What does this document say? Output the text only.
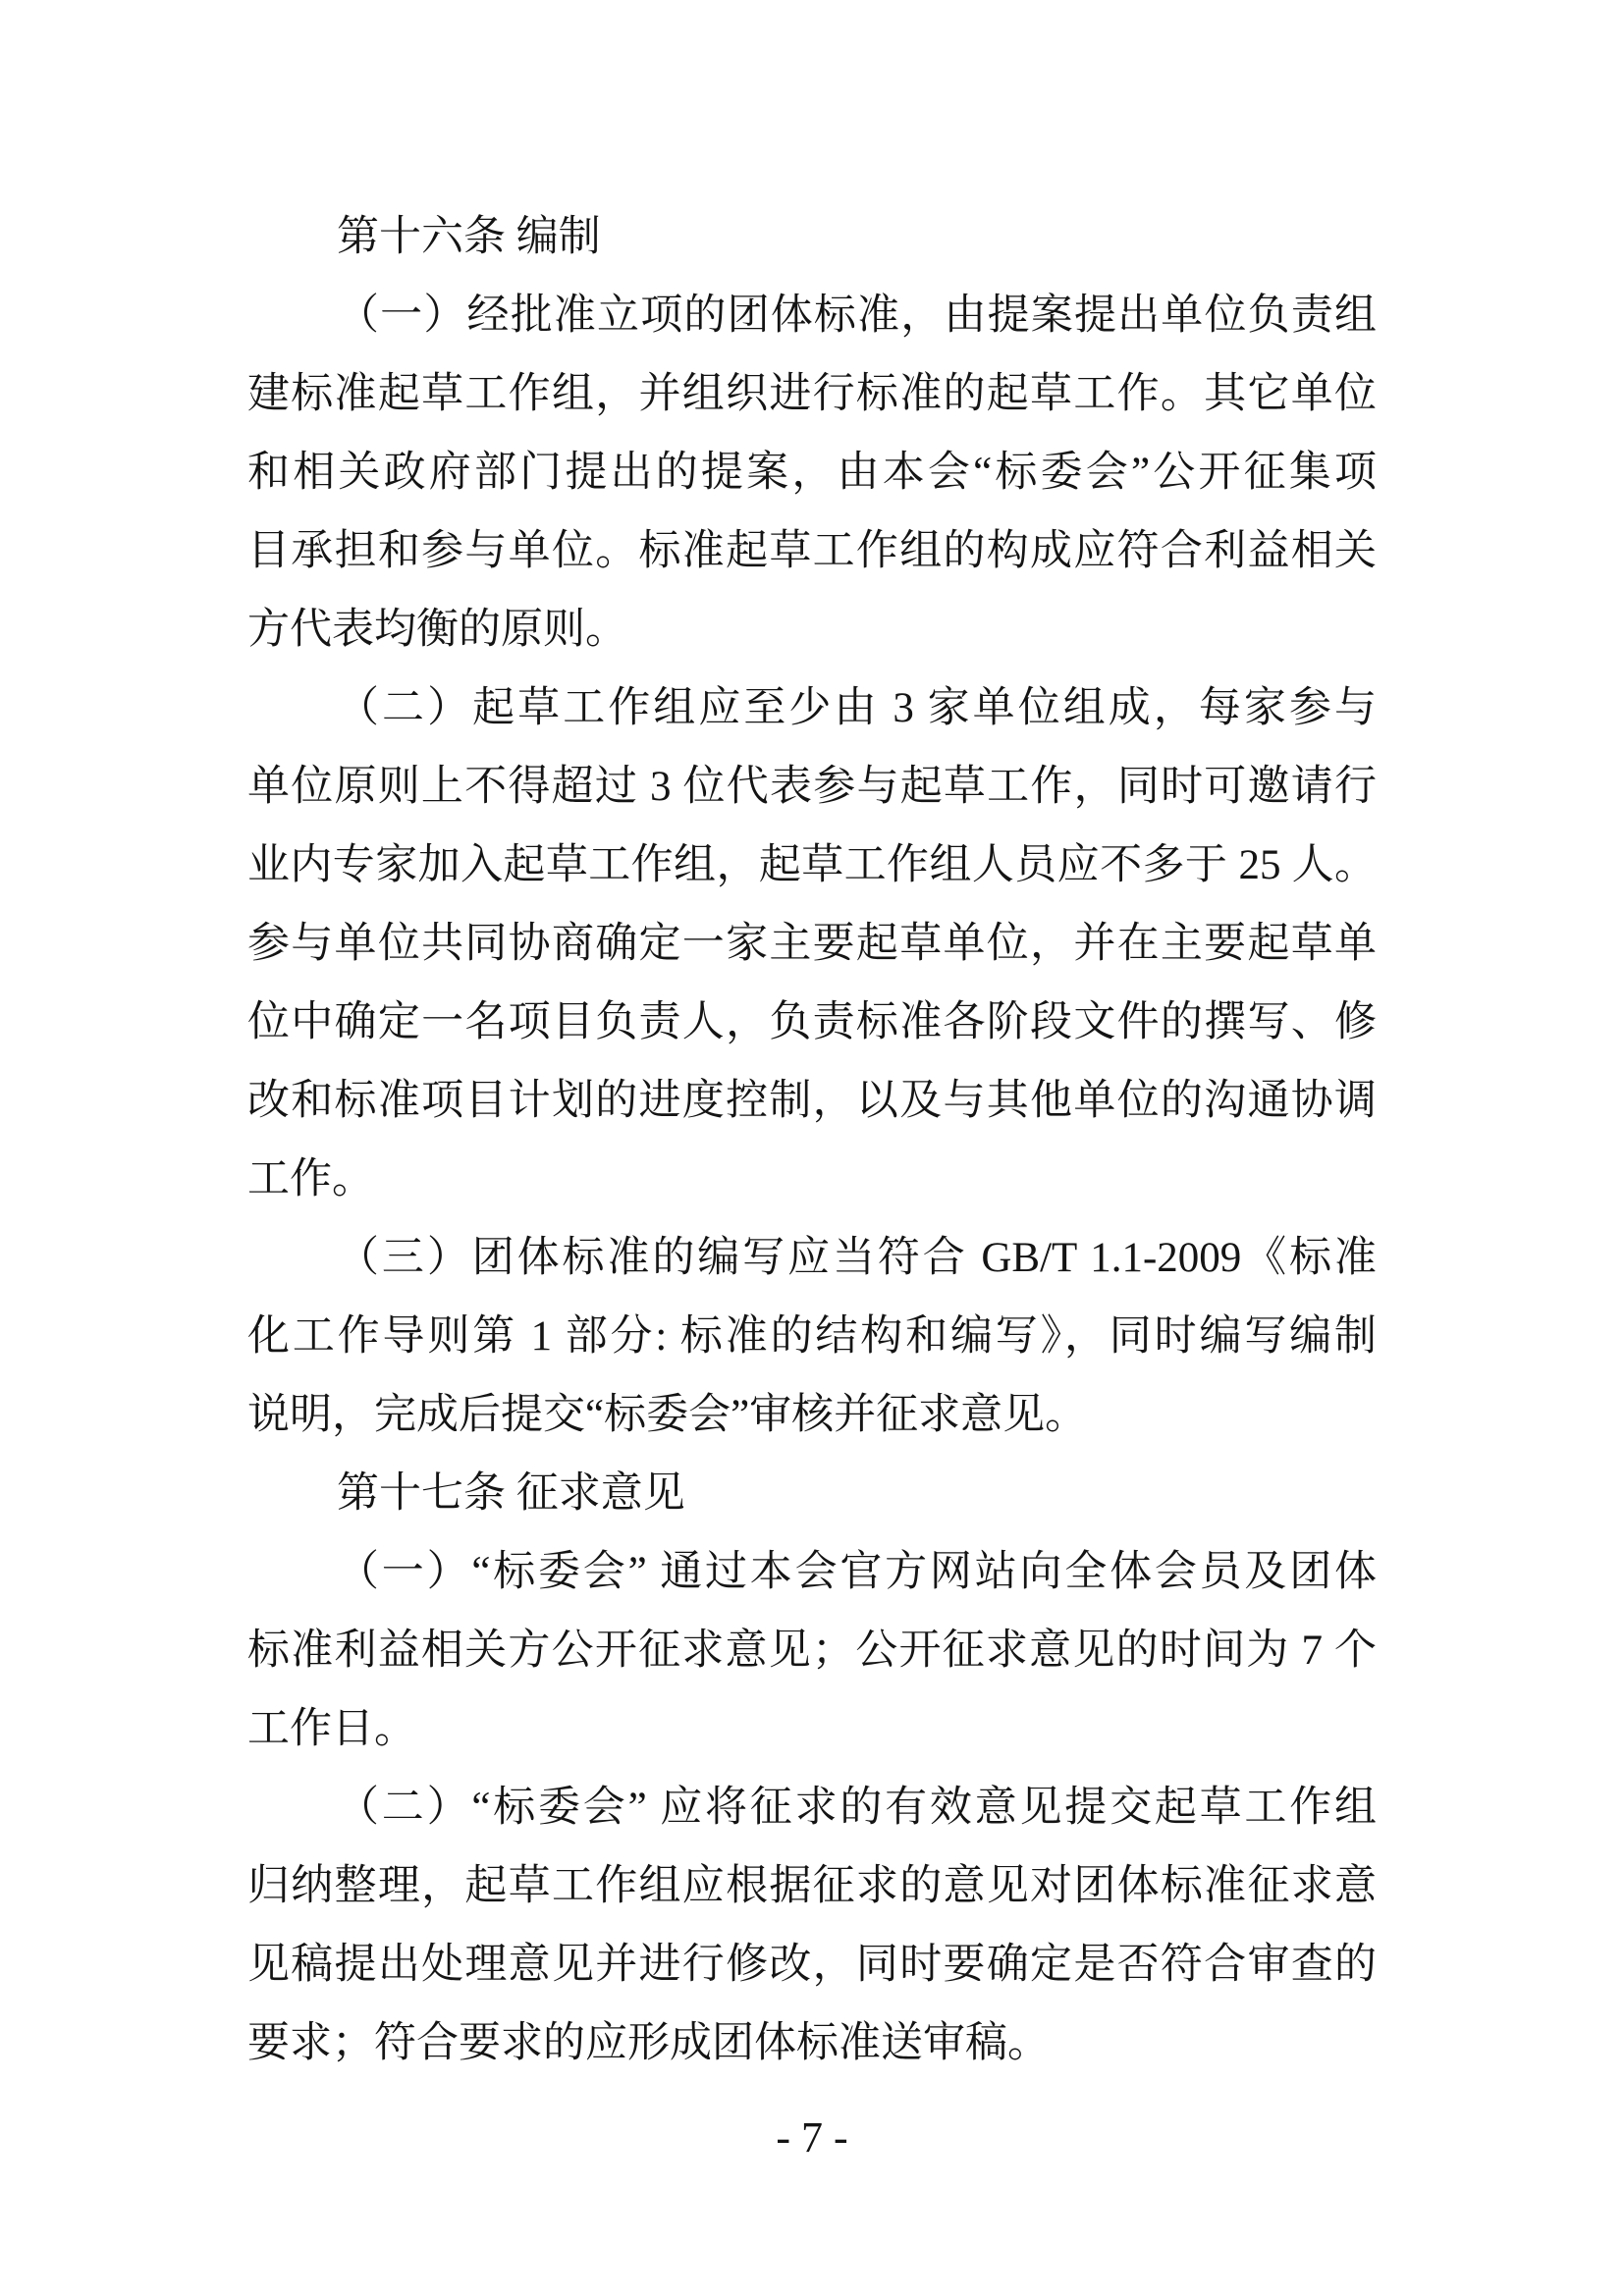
第十六条 编制
（一）经批准立项的团体标准，由提案提出单位负责组
建标准起草工作组，并组织进行标准的起草工作。其它单位
和相关政府部门提出的提案，由本会“标委会”公开征集项
目承担和参与单位。标准起草工作组的构成应符合利益相关
方代表均衡的原则。
（二）起草工作组应至少由 3 家单位组成，每家参与
单位原则上不得超过 3 位代表参与起草工作，同时可邀请行
业内专家加入起草工作组，起草工作组人员应不多于 25 人。
参与单位共同协商确定一家主要起草单位，并在主要起草单
位中确定一名项目负责人，负责标准各阶段文件的撰写、修
改和标准项目计划的进度控制，以及与其他单位的沟通协调
工作。
（三）团体标准的编写应当符合 GB/T 1.1-2009《标准
化工作导则第 1 部分: 标准的结构和编写》，同时编写编制
说明，完成后提交“标委会”审核并征求意见。
第十七条 征求意见
（一）“标委会” 通过本会官方网站向全体会员及团体
标准利益相关方公开征求意见；公开征求意见的时间为 7 个
工作日。
（二）“标委会” 应将征求的有效意见提交起草工作组
归纳整理，起草工作组应根据征求的意见对团体标准征求意
见稿提出处理意见并进行修改，同时要确定是否符合审查的
要求；符合要求的应形成团体标准送审稿。
- 7 -
